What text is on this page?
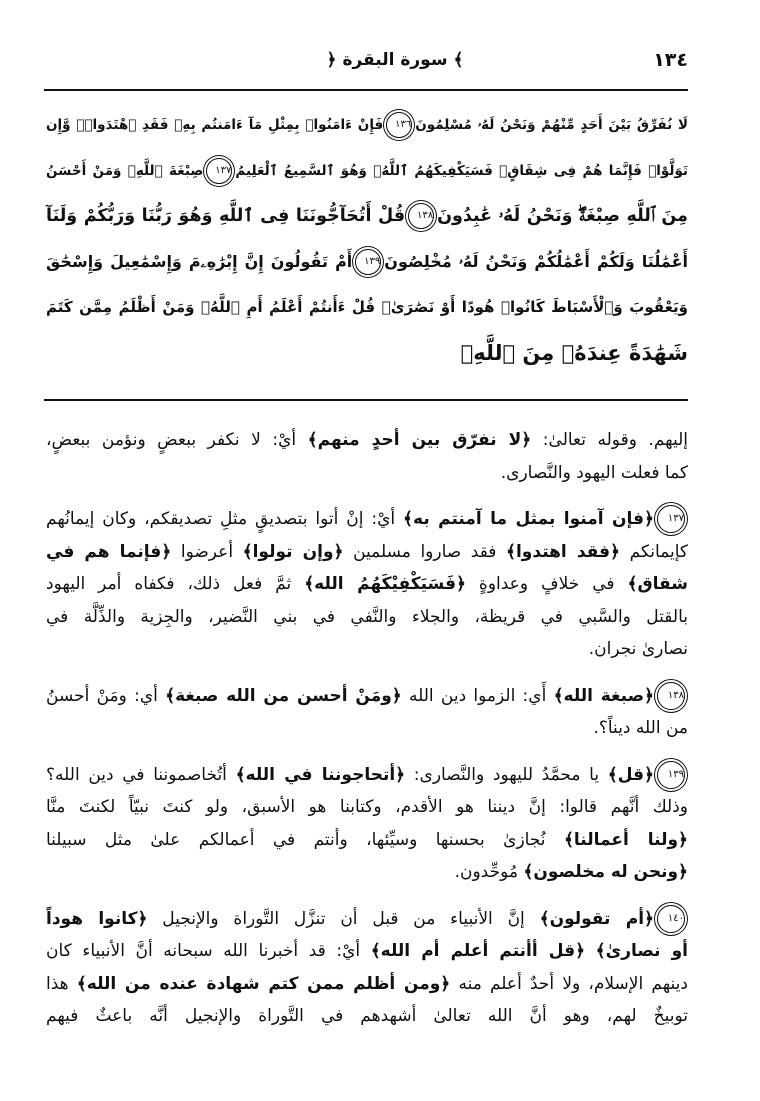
١٣٤
﴿ سورة البقرة ﴾
لَا نُفَرِّقُ بَيْنَ أَحَدٍ مِّنْهُمْ وَنَحْنُ لَهُۥ مُسْلِمُونَ١٣٦فَإِنْ ءَامَنُوا۟ بِمِثْلِ مَآ ءَامَنتُم بِهِۦ فَقَدِ ٱهْتَدَوا۟ۖ وَّإِن
تَوَلَّوْا۟ فَإِنَّمَا هُمْ فِى شِقَاقٍۖ فَسَيَكْفِيكَهُمُ ٱللَّهُۚ وَهُوَ ٱلسَّمِيعُ ٱلْعَلِيمُ١٣٧صِبْغَةَ ٱللَّهِۖ وَمَنْ أَحْسَنُ
مِنَ ٱللَّهِ صِبْغَةًۖ وَنَحْنُ لَهُۥ عَٰبِدُونَ١٣٨قُلْ أَتُحَآجُّونَنَا فِى ٱللَّهِ وَهُوَ رَبُّنَا وَرَبُّكُمْ وَلَنَآ
أَعْمَٰلُنَا وَلَكُمْ أَعْمَٰلُكُمْ وَنَحْنُ لَهُۥ مُخْلِصُونَ١٣٩أَمْ تَقُولُونَ إِنَّ إِبْرَٰهِۦمَ وَإِسْمَٰعِيلَ وَإِسْحَٰقَ
وَيَعْقُوبَ وَٱلْأَسْبَاطَ كَانُوا۟ هُودًا أَوْ نَصَٰرَىٰۗ قُلْ ءَأَنتُمْ أَعْلَمُ أَمِ ٱللَّهُۗ وَمَنْ أَظْلَمُ مِمَّن كَتَمَ
شَهَٰدَةً عِندَهُۥ مِنَ ٱللَّهِۗ
إليهم. وقوله تعالىٰ: ﴿لا نفرّق بين أحدٍ منهم﴾ أيْ: لا نكفر ببعضٍ ونؤمن ببعضٍ،
كما فعلت اليهود والنَّصارى.
١٣٧﴿فإن آمنوا بمثل ما آمنتم به﴾ أيْ: إنْ أتوا بتصديقٍ مثلِ تصديقكم، وكان إيمانُهم
كإيمانكم ﴿فقد اهتدوا﴾ فقد صاروا مسلمين ﴿وإن تولوا﴾ أعرضوا ﴿فإنما هم في
شقاق﴾ في خلافٍ وعداوةٍ ﴿فَسَيَكْفِيْكَهُمُ الله﴾ ثمَّ فعل ذلك، فكفاه أمر اليهود
بالقتل والسَّبي في قريظة، والجلاء والنَّفي في بني النَّضير، والجِزية والذِّلَّة في
نصارىٰ نجران.
١٣٨﴿صبغة الله﴾ أَي: الزموا دين الله ﴿ومَنْ أحسن من الله صبغة﴾ أي: ومَنْ أحسنُ
من الله ديناً؟.
١٣٩﴿قل﴾ يا محمَّدُ لليهود والنَّصارى: ﴿أتحاجوننا في الله﴾ أتُخاصموننا في دين الله؟
وذلك أنَّهم قالوا: إنَّ ديننا هو الأقدم، وكتابنا هو الأسبق، ولو كنتَ نبيّاً لكنتَ منَّا
﴿ولنا أعمالنا﴾ نُجازىٰ بحسنها وسيِّئها، وأنتم في أعمالكم علىٰ مثل سبيلنا
﴿ونحن له مخلصون﴾ مُوحِّدون.
١٤٠﴿أم تقولون﴾ إنَّ الأنبياء من قبل أن تنزَّل التَّوراة والإنجيل ﴿كانوا هوداً
أو نصارىٰ﴾ ﴿قل أأنتم أعلم أم الله﴾ أيْ: قد أخبرنا الله سبحانه أنَّ الأنبياء كان
دينهم الإسلام، ولا أحدٌ أعلم منه ﴿ومن أظلم ممن كتم شهادة عنده من الله﴾ هذا
توبيخٌ لهم، وهو أنَّ الله تعالىٰ أشهدهم في التَّوراة والإنجيل أنَّه باعثٌ فيهم
